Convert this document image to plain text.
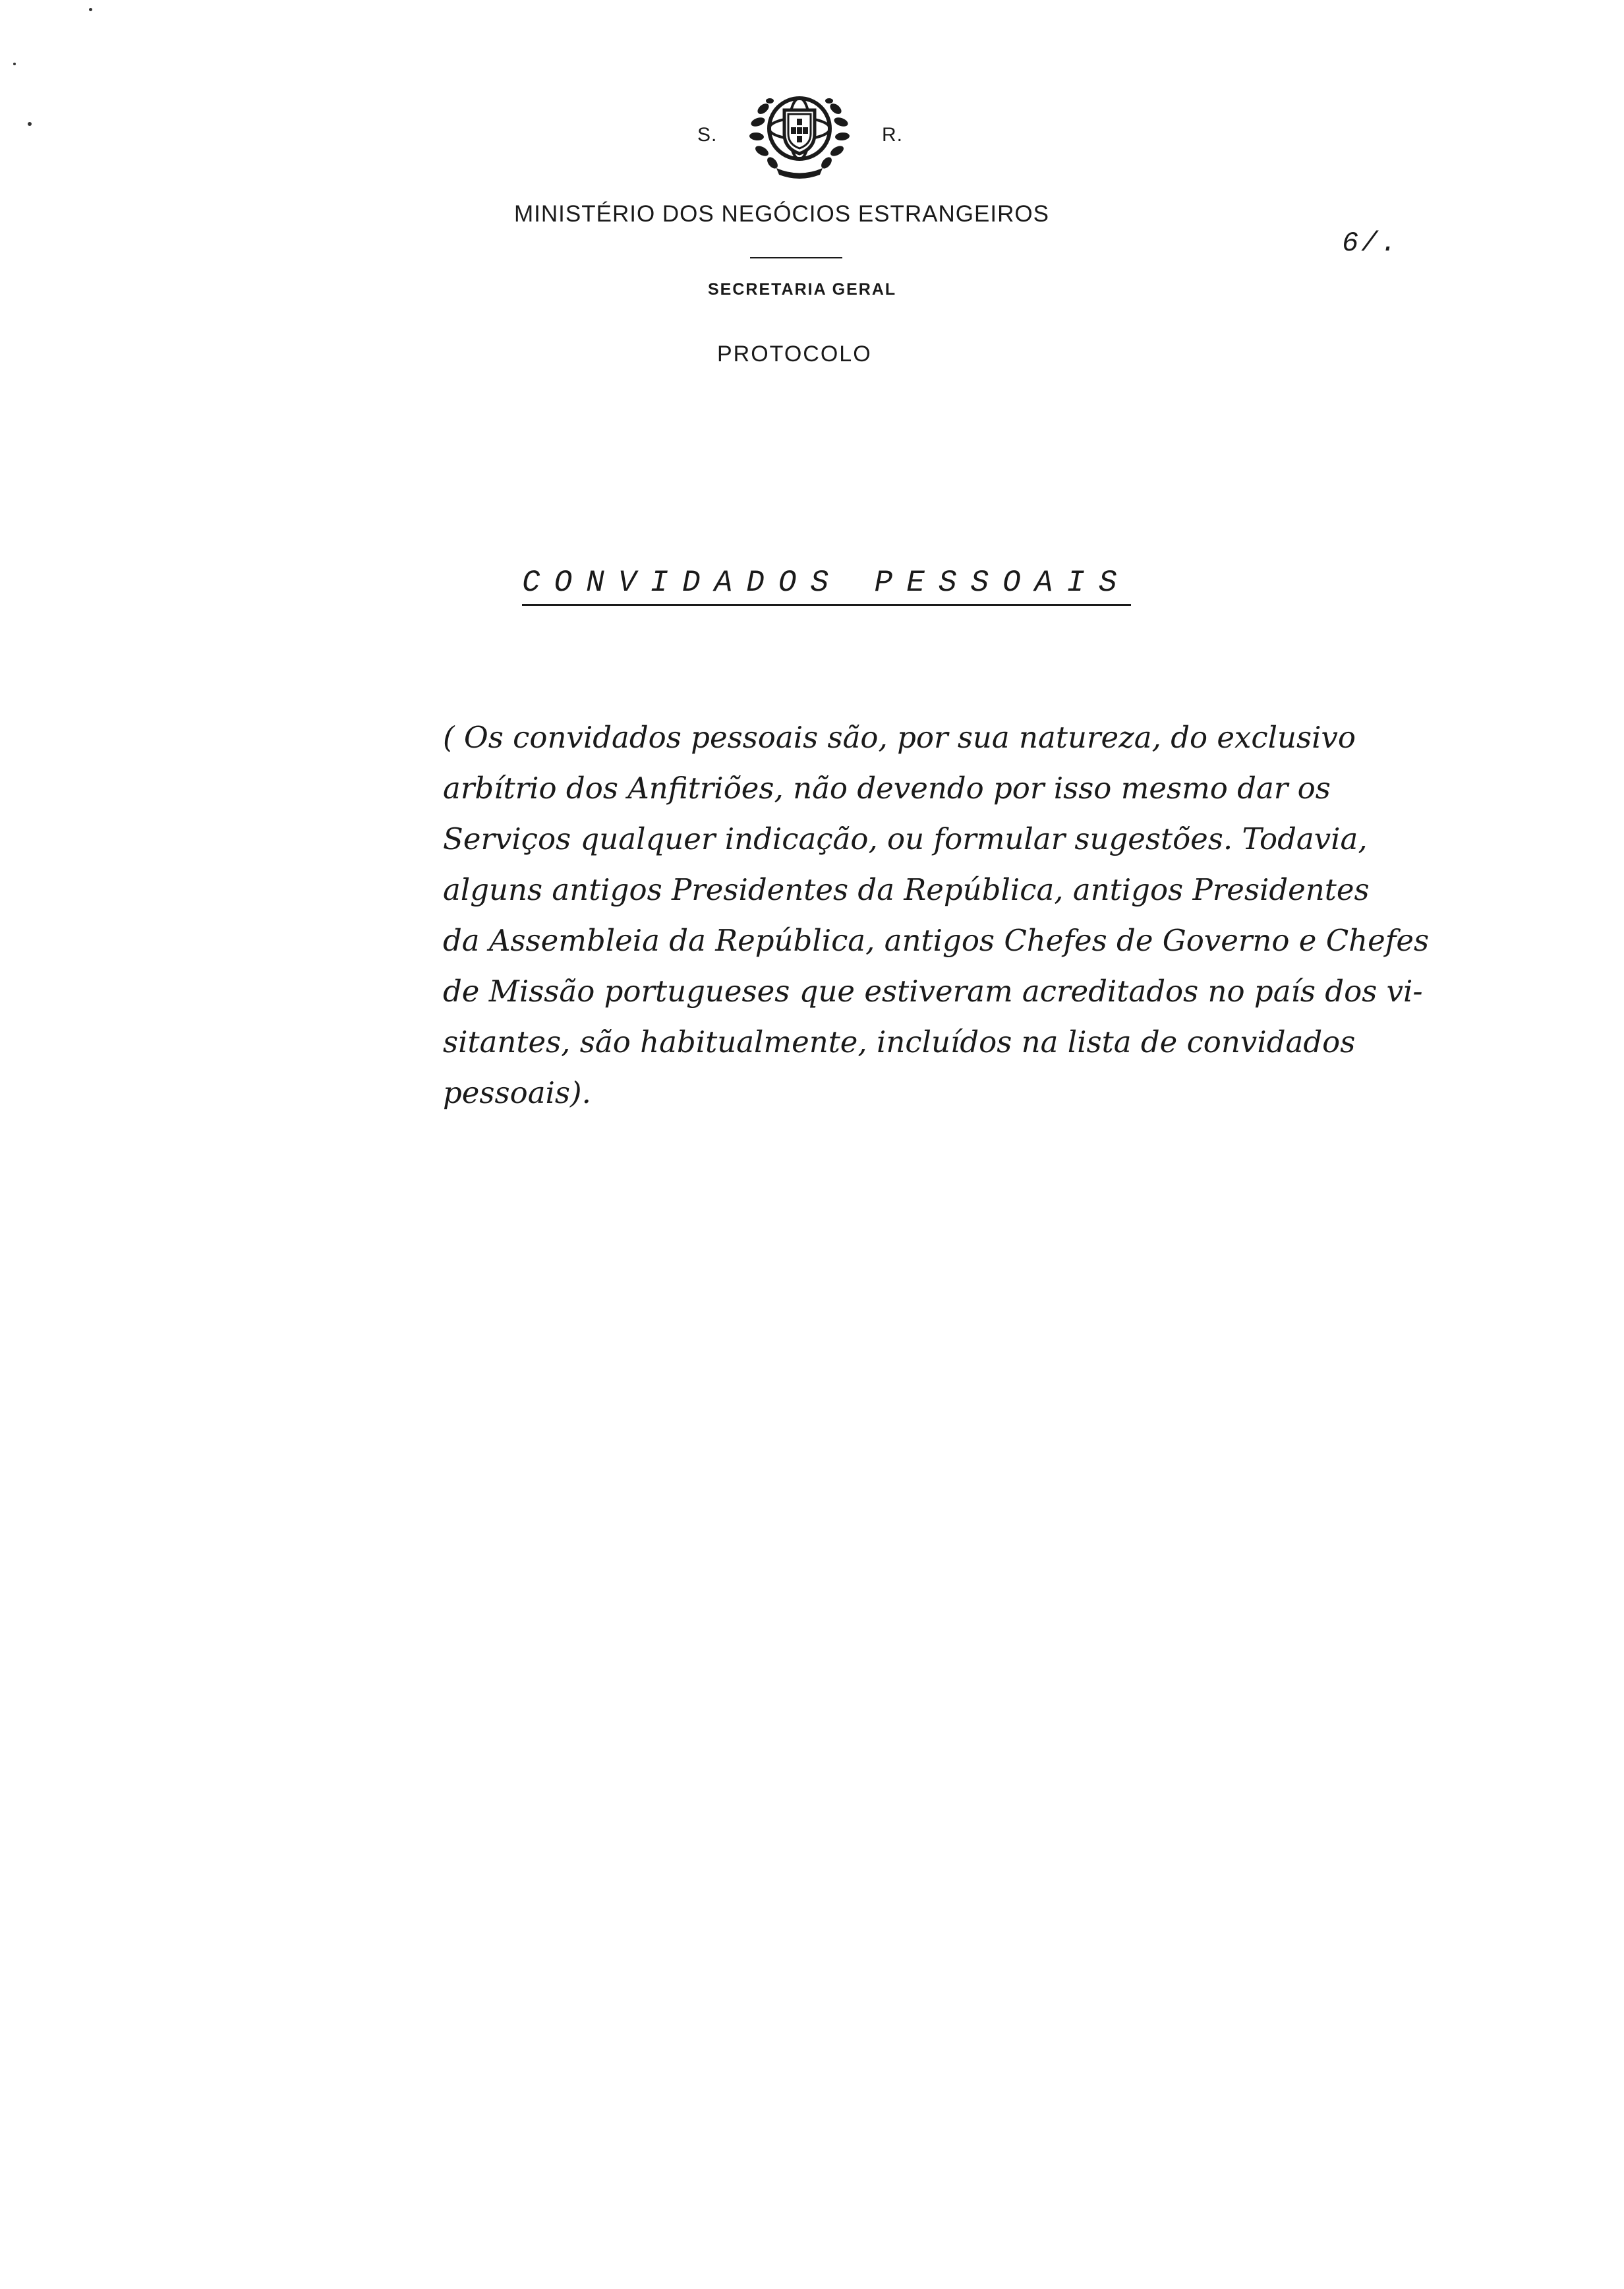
S.	R.
MINISTÉRIO DOS NEGÓCIOS ESTRANGEIROS
SECRETARIA GERAL
PROTOCOLO
6/.
CONVIDADOS PESSOAIS
( Os convidados pessoais são, por sua natureza, do exclusivo
arbítrio dos Anfitriões, não devendo por isso mesmo dar os
Serviços qualquer indicação, ou formular sugestões. Todavia,
alguns antigos Presidentes da República, antigos Presidentes
da Assembleia da República, antigos Chefes de Governo e Chefes
de Missão portugueses que estiveram acreditados no país dos vi-
sitantes, são habitualmente, incluídos na lista de convidados
pessoais).
